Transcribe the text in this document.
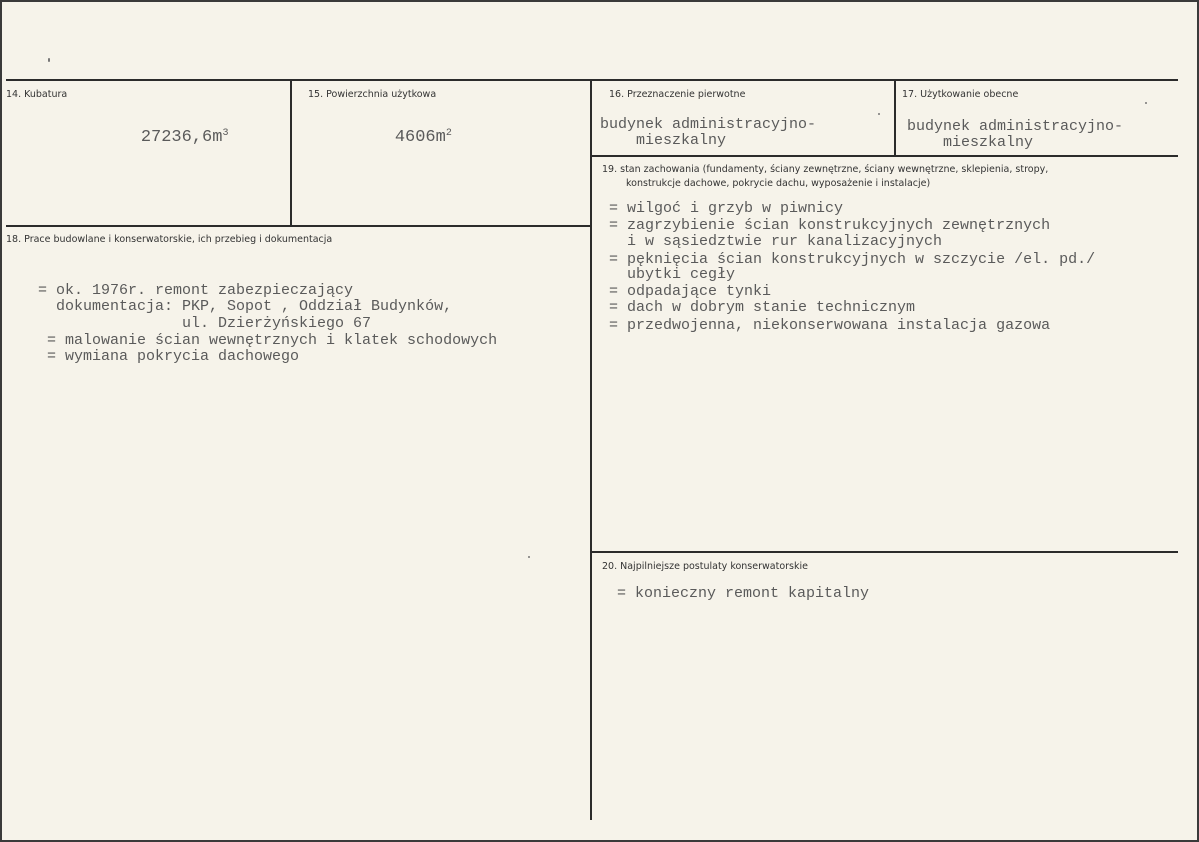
14. Kubatura

$27236,6m^3$

15. Powierzchnia użytkowa

$4606m^2$

16. Przeznaczenie pierwotne
budynek administracyjno-
mieszkalny
17. Użytkowanie obecne
budynek administracyjno-
mieszkalny
18. Prace budowlane i konserwatorskie, ich przebieg i dokumentacja
= ok. 1976r. remont zabezpieczający
dokumentacja: PKP, Sopot , Oddział Budynków,
ul. Dzierżyńskiego 67
= malowanie ścian wewnętrznych i klatek schodowych
= wymiana pokrycia dachowego
19. stan zachowania (fundamenty, ściany zewnętrzne, ściany wewnętrzne, sklepienia, stropy,
konstrukcje dachowe, pokrycie dachu, wyposażenie i instalacje)
= wilgoć i grzyb w piwnicy
= zagrzybienie ścian konstrukcyjnych zewnętrznych
i w sąsiedztwie rur kanalizacyjnych
= pęknięcia ścian konstrukcyjnych w szczycie /el. pd./
ubytki cegły
= odpadające tynki
= dach w dobrym stanie technicznym
= przedwojenna, niekonserwowana instalacja gazowa
20. Najpilniejsze postulaty konserwatorskie
= konieczny remont kapitalny
